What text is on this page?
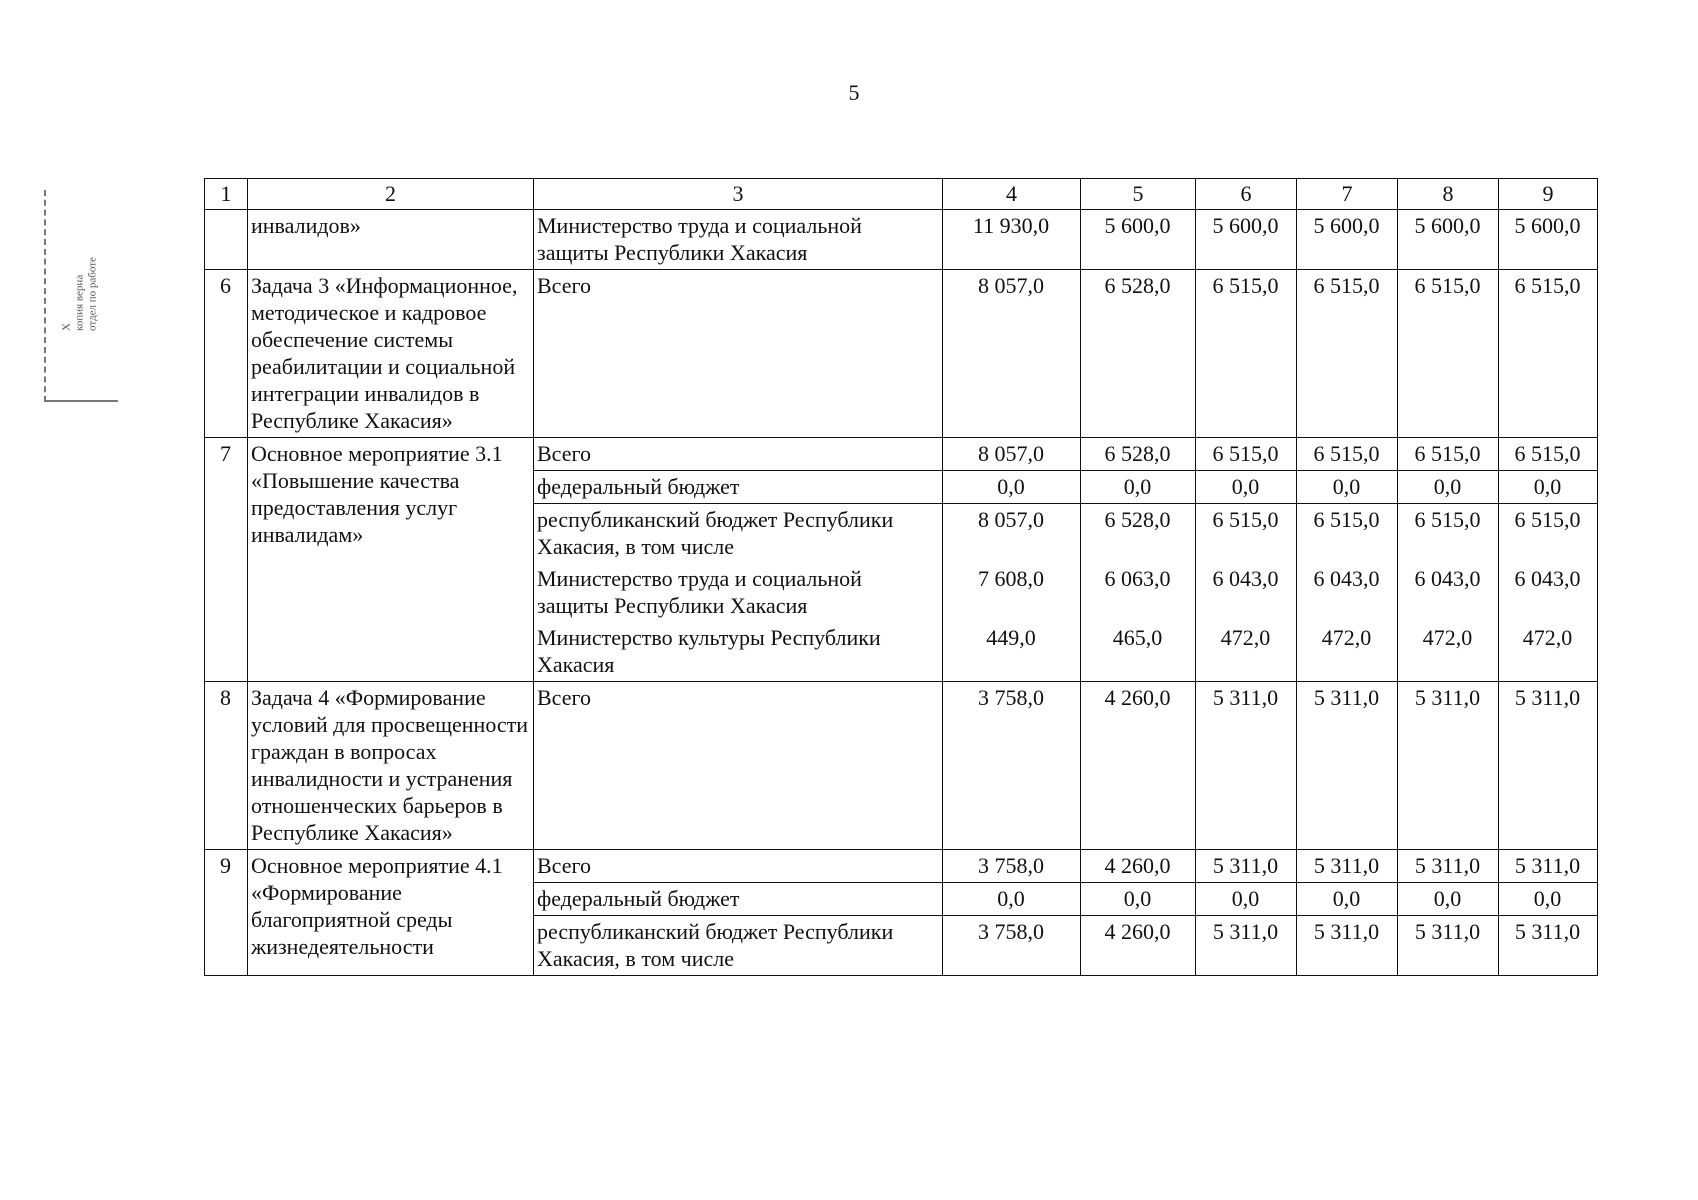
5
Х
копия верна
отдел по работе
1	2	3	4	5	6	7	8	9
	инвалидов»	Министерство труда и социальной защиты Республики Хакасия	11 930,0	5 600,0	5 600,0	5 600,0	5 600,0	5 600,0
6	Задача 3 «Информационное, методическое и кадровое обеспечение системы реабилитации и социальной интеграции инвалидов в Республике Хакасия»	Всего	8 057,0	6 528,0	6 515,0	6 515,0	6 515,0	6 515,0
7	Основное мероприятие 3.1 «Повышение качества предоставления услуг инвалидам»	Всего	8 057,0	6 528,0	6 515,0	6 515,0	6 515,0	6 515,0
		федеральный бюджет	0,0	0,0	0,0	0,0	0,0	0,0
		республиканский бюджет Республики Хакасия, в том числе	8 057,0	6 528,0	6 515,0	6 515,0	6 515,0	6 515,0
		Министерство труда и социальной защиты Республики Хакасия	7 608,0	6 063,0	6 043,0	6 043,0	6 043,0	6 043,0
		Министерство культуры Республики Хакасия	449,0	465,0	472,0	472,0	472,0	472,0
8	Задача 4 «Формирование условий для просвещенности граждан в вопросах инвалидности и устранения отношенческих барьеров в Республике Хакасия»	Всего	3 758,0	4 260,0	5 311,0	5 311,0	5 311,0	5 311,0
9	Основное мероприятие 4.1 «Формирование благоприятной среды жизнедеятельности	Всего	3 758,0	4 260,0	5 311,0	5 311,0	5 311,0	5 311,0
		федеральный бюджет	0,0	0,0	0,0	0,0	0,0	0,0
		республиканский бюджет Республики Хакасия, в том числе	3 758,0	4 260,0	5 311,0	5 311,0	5 311,0	5 311,0
